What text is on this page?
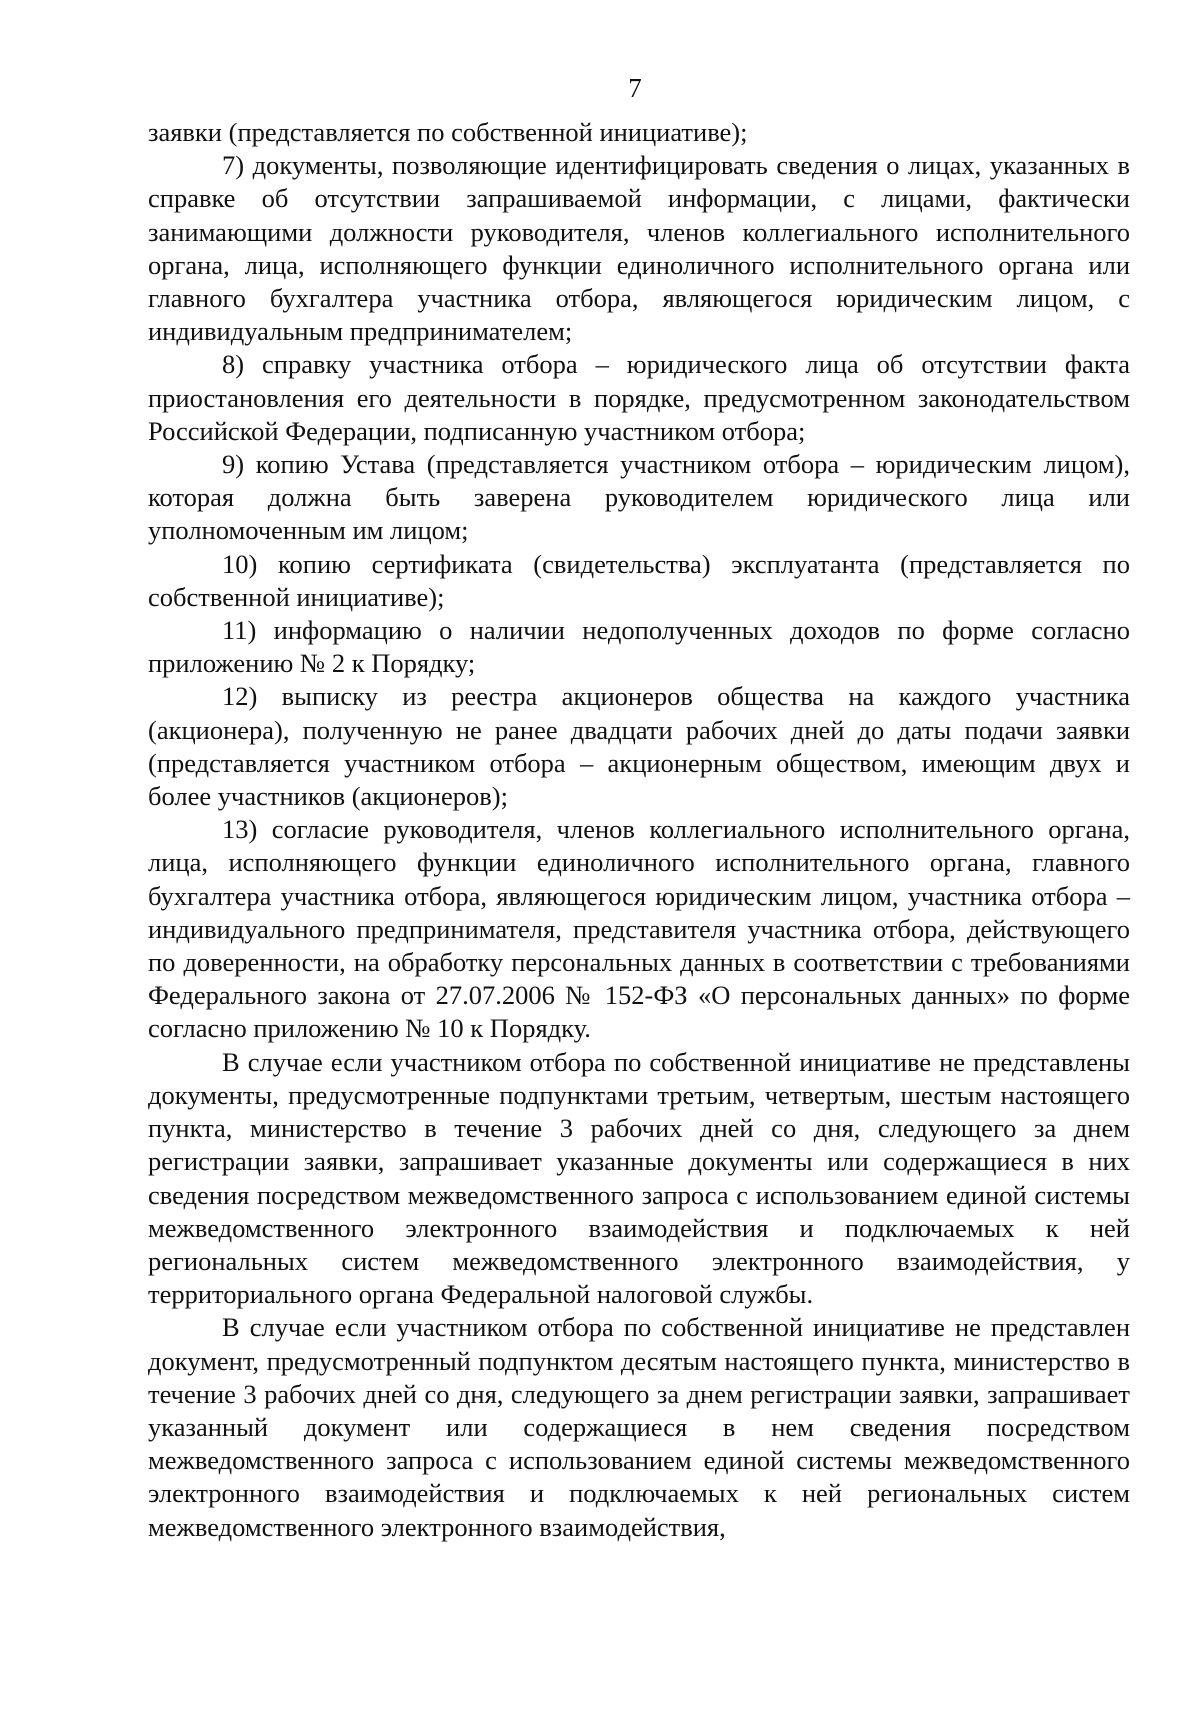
7

заявки (представляется по собственной инициативе);

7) документы, позволяющие идентифицировать сведения о лицах, указанных в справке об отсутствии запрашиваемой информации, с лицами, фактически занимающими должности руководителя, членов коллегиального исполнительного органа, лица, исполняющего функции единоличного исполнительного органа или главного бухгалтера участника отбора, являющегося юридическим лицом, с индивидуальным предпринимателем;

8) справку участника отбора – юридического лица об отсутствии факта приостановления его деятельности в порядке, предусмотренном законодательством Российской Федерации, подписанную участником отбора;

9) копию Устава (представляется участником отбора – юридическим лицом), которая должна быть заверена руководителем юридического лица или уполномоченным им лицом;

10) копию сертификата (свидетельства) эксплуатанта (представляется по собственной инициативе);

11) информацию о наличии недополученных доходов по форме согласно приложению № 2 к Порядку;

12) выписку из реестра акционеров общества на каждого участника (акционера), полученную не ранее двадцати рабочих дней до даты подачи заявки (представляется участником отбора – акционерным обществом, имеющим двух и более участников (акционеров);

13) согласие руководителя, членов коллегиального исполнительного органа, лица, исполняющего функции единоличного исполнительного органа, главного бухгалтера участника отбора, являющегося юридическим лицом, участника отбора – индивидуального предпринимателя, представителя участника отбора, действующего по доверенности, на обработку персональных данных в соответствии с требованиями Федерального закона от 27.07.2006 № 152-ФЗ «О персональных данных» по форме согласно приложению № 10 к Порядку.

В случае если участником отбора по собственной инициативе не представлены документы, предусмотренные подпунктами третьим, четвертым, шестым настоящего пункта, министерство в течение 3 рабочих дней со дня, следующего за днем регистрации заявки, запрашивает указанные документы или содержащиеся в них сведения посредством межведомственного запроса с использованием единой системы межведомственного электронного взаимодействия и подключаемых к ней региональных систем межведомственного электронного взаимодействия, у территориального органа Федеральной налоговой службы.

В случае если участником отбора по собственной инициативе не представлен документ, предусмотренный подпунктом десятым настоящего пункта, министерство в течение 3 рабочих дней со дня, следующего за днем регистрации заявки, запрашивает указанный документ или содержащиеся в нем сведения посредством межведомственного запроса с использованием единой системы межведомственного электронного взаимодействия и подключаемых к ней региональных систем межведомственного электронного взаимодействия,
